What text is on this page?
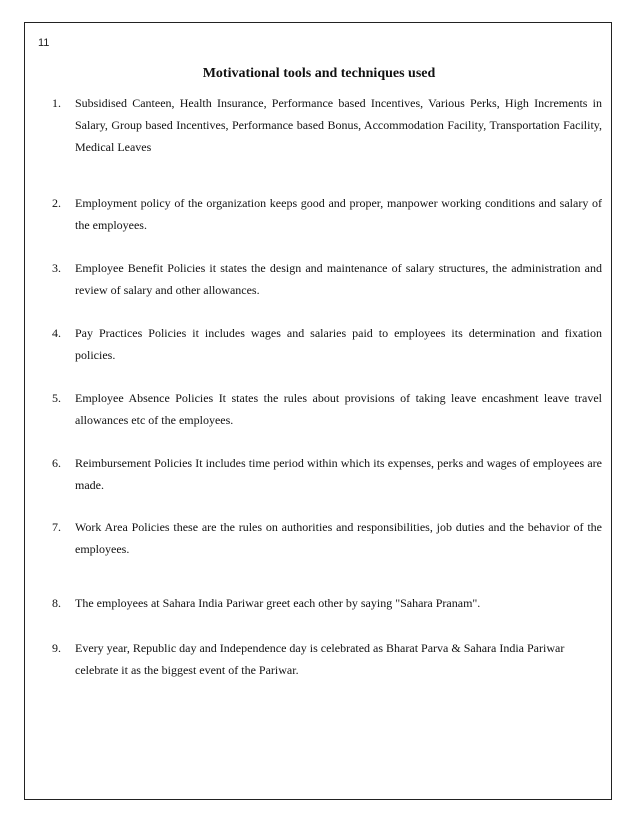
11
Motivational tools and techniques used
1.	Subsidised Canteen, Health Insurance, Performance based Incentives, Various Perks, High Increments in Salary, Group based Incentives, Performance based Bonus, Accommodation Facility, Transportation Facility, Medical Leaves
2.	Employment policy of the organization keeps good and proper, manpower working conditions and salary of the employees.
3.	Employee Benefit Policies it states the design and maintenance of salary structures, the administration and review of salary and other allowances.
4.	Pay Practices Policies it includes wages and salaries paid to employees its determination and fixation policies.
5.	Employee Absence Policies It states the rules about provisions of taking leave encashment leave travel allowances etc of the employees.
6.	Reimbursement Policies It includes time period within which its expenses, perks and wages of employees are made.
7.	Work Area Policies these are the rules on authorities and responsibilities, job duties and the behavior of the employees.
8.	The employees at Sahara India Pariwar greet each other by saying "Sahara Pranam".
9.	Every year, Republic day and Independence day is celebrated as Bharat Parva & Sahara India Pariwar celebrate it as the biggest event of the Pariwar.
